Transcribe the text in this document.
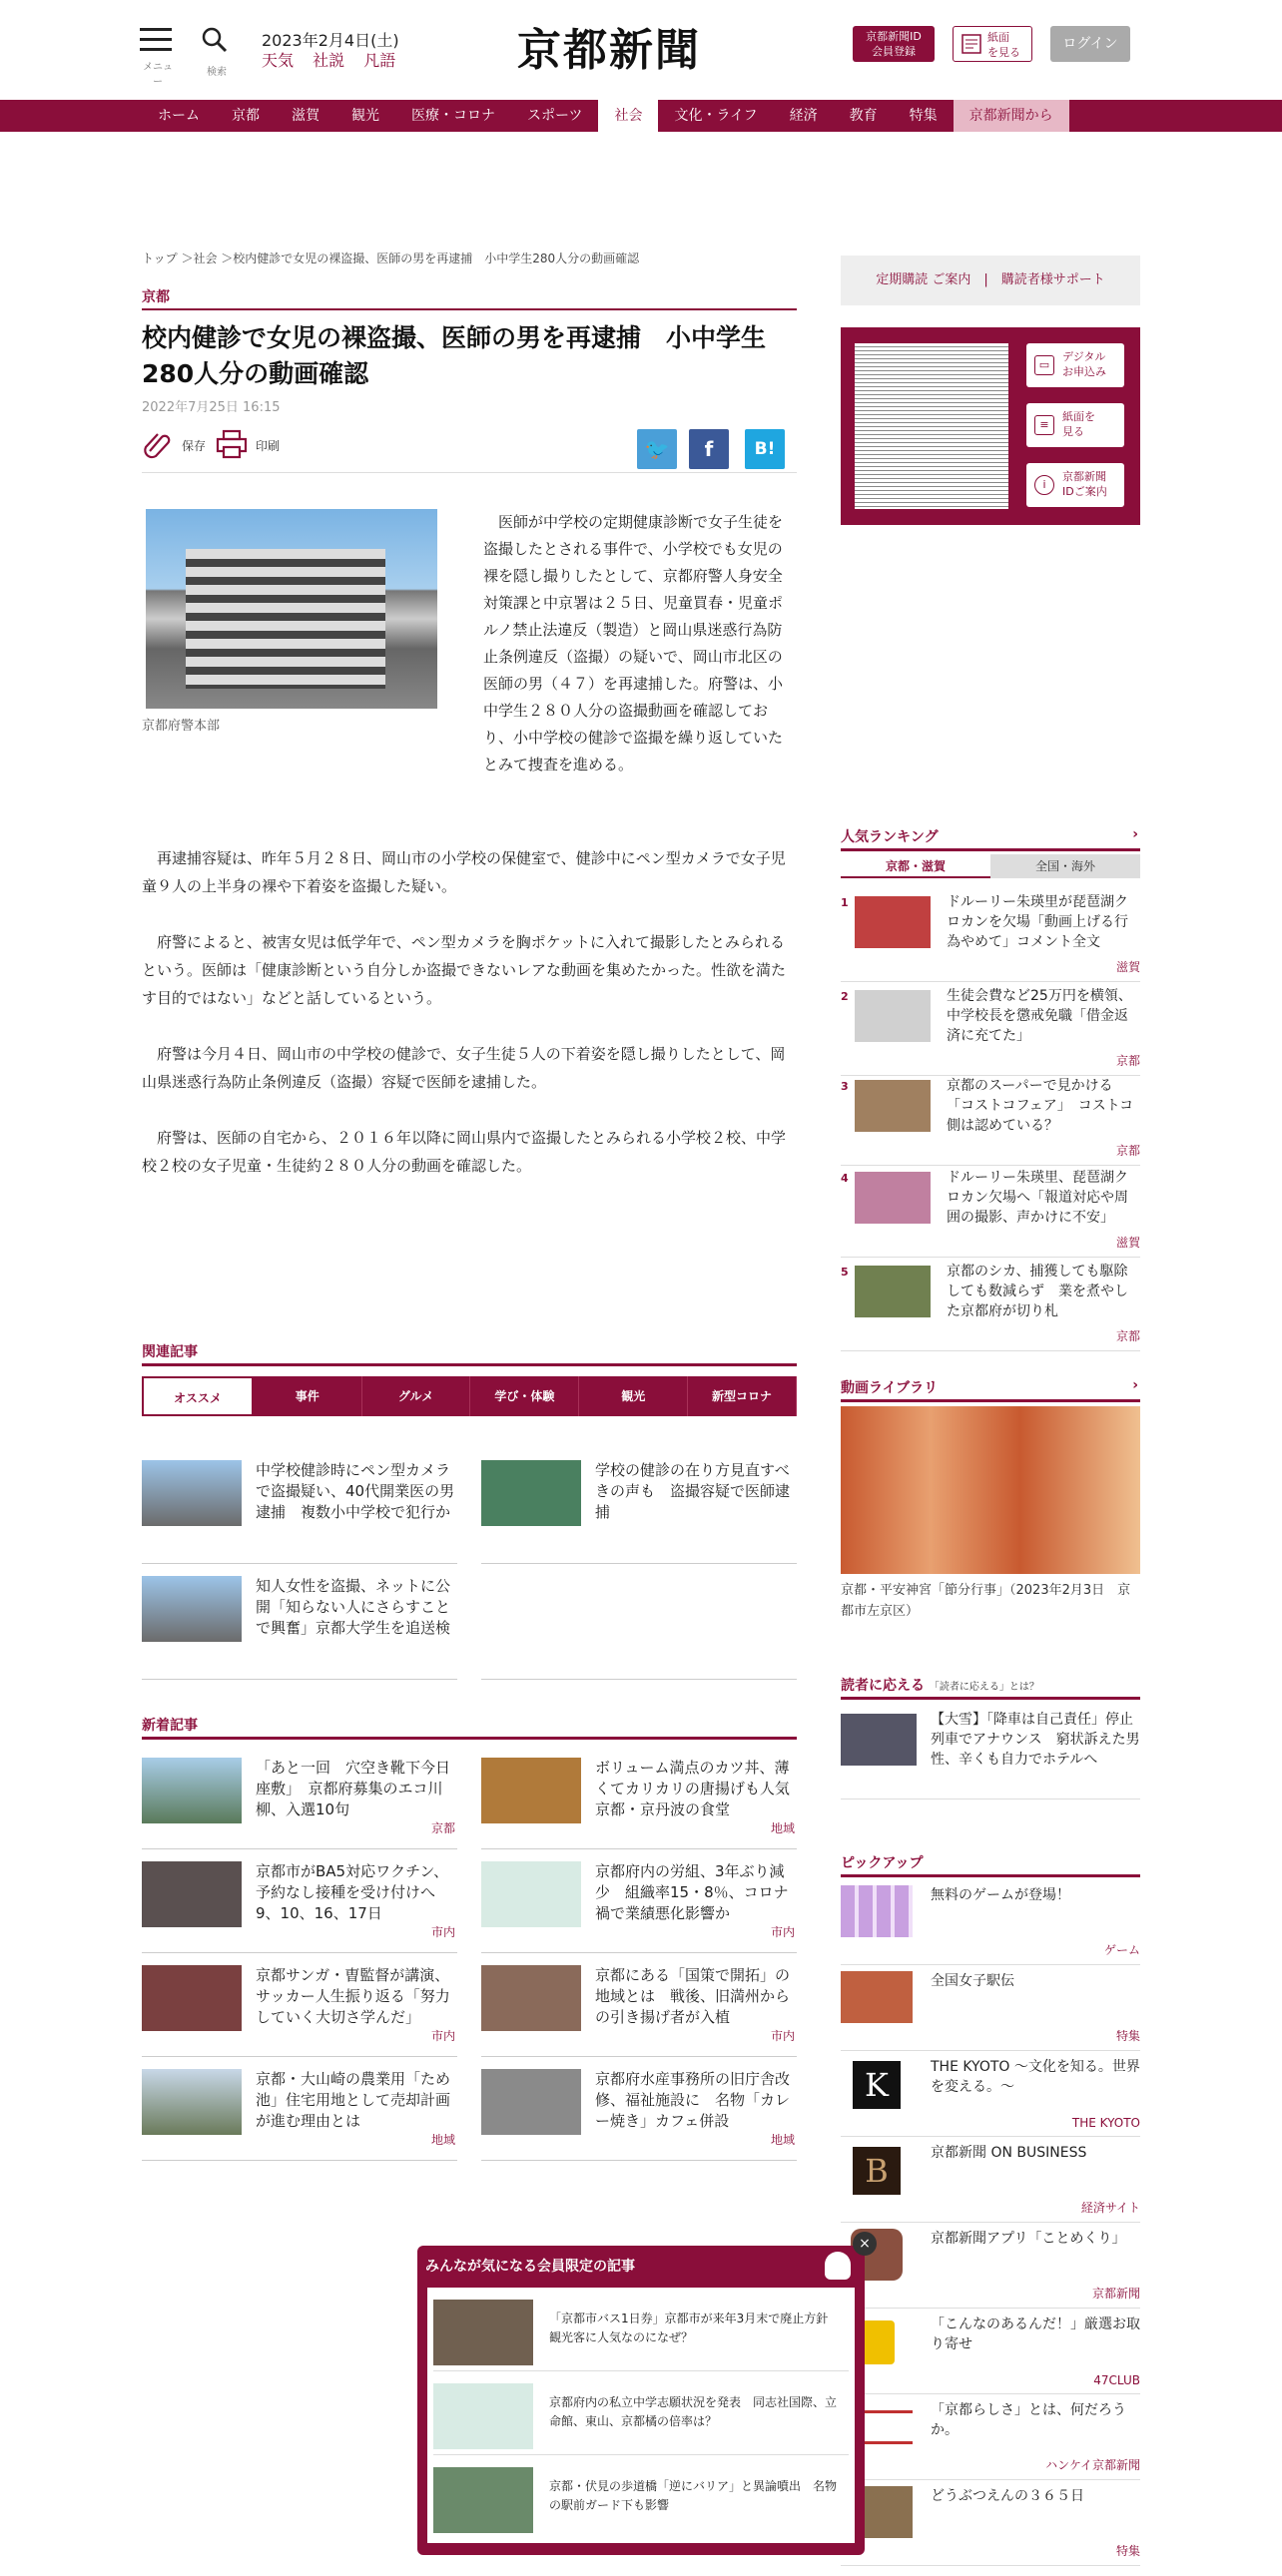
メニュー
検索
2023年2月4日(土)
天気 社説 凡語	京都新聞	京都新聞ID
会員登録
紙面
を見る
ログイン
ホーム	京都	滋賀	観光	医療・コロナ	スポーツ	社会	文化・ライフ	経済	教育	特集	京都新聞から
トップ ＞社会 ＞校内健診で女児の裸盗撮、医師の男を再逮捕　小中学生280人分の動画確認
京都
校内健診で女児の裸盗撮、医師の男を再逮捕　小中学生280人分の動画確認
2022年7月25日 16:15
保存	印刷	🐦	f	B!
京都府警本部

 医師が中学校の定期健康診断で女子生徒を盗撮したとされる事件で、小学校でも女児の裸を隠し撮りしたとして、京都府警人身安全対策課と中京署は２５日、児童買春・児童ポルノ禁止法違反（製造）と岡山県迷惑行為防止条例違反（盗撮）の疑いで、岡山市北区の医師の男（４７）を再逮捕した。府警は、小中学生２８０人分の盗撮動画を確認しており、小中学校の健診で盗撮を繰り返していたとみて捜査を進める。

 再逮捕容疑は、昨年５月２８日、岡山市の小学校の保健室で、健診中にペン型カメラで女子児童９人の上半身の裸や下着姿を盗撮した疑い。

 府警によると、被害女児は低学年で、ペン型カメラを胸ポケットに入れて撮影したとみられるという。医師は「健康診断という自分しか盗撮できないレアな動画を集めたかった。性欲を満たす目的ではない」などと話しているという。

 府警は今月４日、岡山市の中学校の健診で、女子生徒５人の下着姿を隠し撮りしたとして、岡山県迷惑行為防止条例違反（盗撮）容疑で医師を逮捕した。

 府警は、医師の自宅から、２０１６年以降に岡山県内で盗撮したとみられる小学校２校、中学校２校の女子児童・生徒約２８０人分の動画を確認した。

関連記事
オススメ	事件	グルメ	学び・体験	観光	新型コロナ
中学校健診時にペン型カメラで盗撮疑い、40代開業医の男逮捕　複数小中学校で犯行か
学校の健診の在り方見直すべきの声も　盗撮容疑で医師逮捕
知人女性を盗撮、ネットに公開「知らない人にさらすことで興奮」京都大学生を追送検
新着記事
「あと一回　穴空き靴下今日座敷」　京都府募集のエコ川柳、入選10句
京都
ボリューム満点のカツ丼、薄くてカリカリの唐揚げも人気　京都・京丹波の食堂
地域
京都市がBA5対応ワクチン、予約なし接種を受け付けへ　9、10、16、17日
市内
京都府内の労組、3年ぶり減少　組織率15・8％、コロナ禍で業績悪化影響か
市内
京都サンガ・曺監督が講演、サッカー人生振り返る「努力していく大切さ学んだ」
市内
京都にある「国策で開拓」の地域とは　戦後、旧満州からの引き揚げ者が入植
市内
京都・大山崎の農業用「ため池」住宅用地として売却計画が進む理由とは
地域
京都府水産事務所の旧庁舎改修、福祉施設に　名物「カレー焼き」カフェ併設
地域
定期購読 ご案内　|　購読者様サポート
▭
デジタル
お申込み
≡
紙面を
見る
i
京都新聞
IDご案内
人気ランキング	›
京都・滋賀	全国・海外
1	ドルーリー朱瑛里が琵琶湖クロカンを欠場「動画上げる行為やめて」コメント全文
滋賀
2	生徒会費など25万円を横領、中学校長を懲戒免職「借金返済に充てた」
京都
3	京都のスーパーで見かける「コストコフェア」　コストコ側は認めている？
京都
4	ドルーリー朱瑛里、琵琶湖クロカン欠場へ「報道対応や周囲の撮影、声かけに不安」
滋賀
5	京都のシカ、捕獲しても駆除しても数減らず　業を煮やした京都府が切り札
京都
動画ライブラリ	›
京都・平安神宮「節分行事」（2023年2月3日　京都市左京区）
読者に応える 「読者に応える」とは？
【大雪】「降車は自己責任」停止列車でアナウンス　窮状訴えた男性、辛くも自力でホテルへ
ピックアップ
無料のゲームが登場！
ゲーム
全国女子駅伝
特集
K	THE KYOTO ～文化を知る。世界を変える。～
THE KYOTO
B	京都新聞 ON BUSINESS
経済サイト
京都新聞アプリ「ことめくり」
京都新聞
「こんなのあるんだ！」厳選お取り寄せ
47CLUB
「京都らしさ」とは、何だろうか。
ハンケイ京都新聞
どうぶつえんの３６５日
特集
みんなが気になる会員限定の記事
「京都市バス1日券」京都市が来年3月末で廃止方針　観光客に人気なのになぜ？
京都府内の私立中学志願状況を発表　同志社国際、立命館、東山、京都橘の倍率は？
京都・伏見の歩道橋「逆にバリア」と異論噴出　名物の駅前ガード下も影響
×
